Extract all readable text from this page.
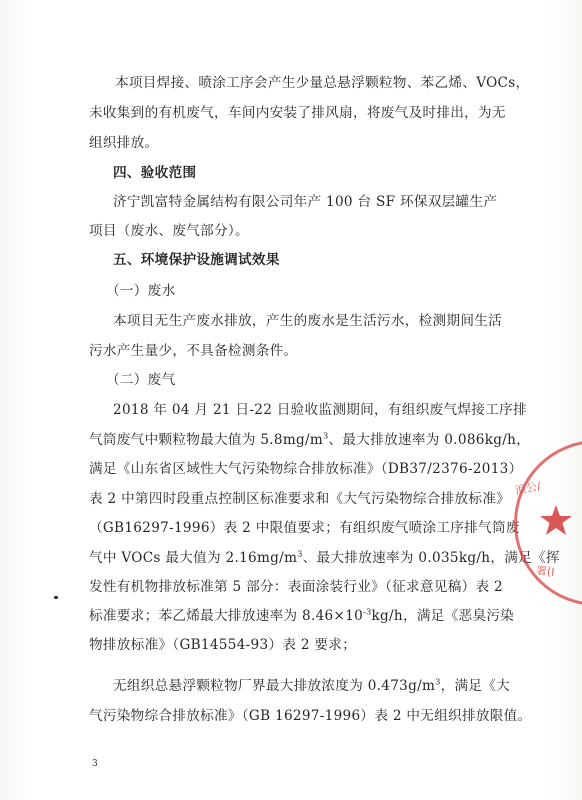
本项目焊接、喷涂工序会产生少量总悬浮颗粒物、苯乙烯、VOCs，
未收集到的有机废气，车间内安装了排风扇，将废气及时排出，为无
组织排放。
四、验收范围
济宁凯富特金属结构有限公司年产 100 台 SF 环保双层罐生产
项目（废水、废气部分）。
五、环境保护设施调试效果
（一）废水
本项目无生产废水排放，产生的废水是生活污水，检测期间生活
污水产生量少，不具备检测条件。
（二）废气
2018 年 04 月 21 日-22 日验收监测期间，有组织废气焊接工序排
气筒废气中颗粒物最大值为 $5.8mg/m^3$、最大排放速率为 0.086kg/h，
满足《山东省区域性大气污染物综合排放标准》（DB37/2376-2013）
表 2 中第四时段重点控制区标准要求和《大气污染物综合排放标准》
（GB16297-1996）表 2 中限值要求；有组织废气喷涂工序排气筒废
气中 VOCs 最大值为 $2.16mg/m^3$、最大排放速率为 0.035kg/h，满足《挥
发性有机物排放标准第 5 部分：表面涂装行业》（征求意见稿）表 2
标准要求；苯乙烯最大排放速率为 $8.46\times 10^{-3}kg/h$，满足《恶臭污染
物排放标准》（GB14554-93）表 2 要求；
无组织总悬浮颗粒物厂界最大排放浓度为 $0.473g/m^3$，满足《大
气污染物综合排放标准》（GB 16297-1996）表 2 中无组织排放限值。
3
浪公/
署(I
